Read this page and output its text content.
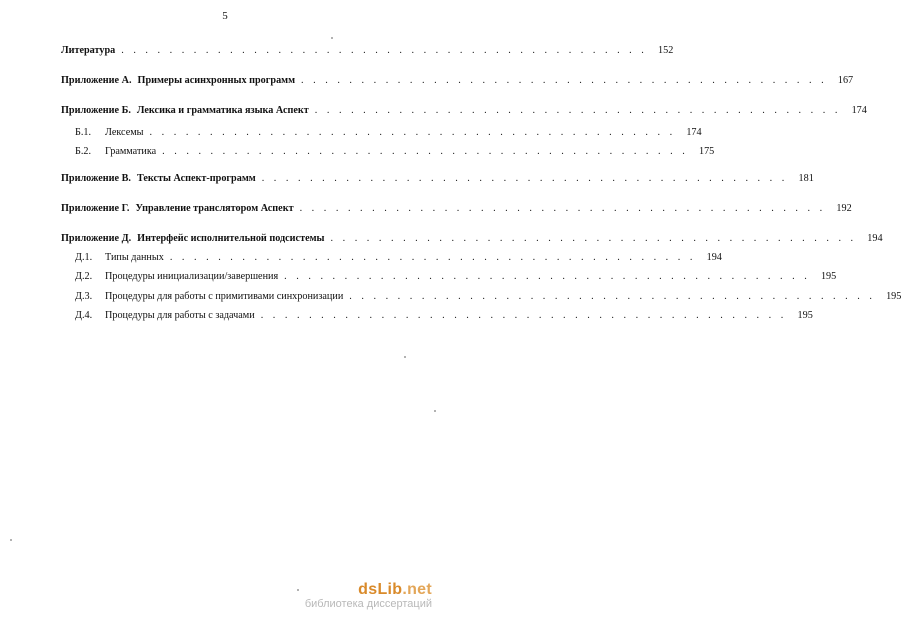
5
Литература . . . . . . . . . . . . . . . . . . . . . . . . . . . . . . . . . . . . . . . . . . . .	152
Приложение А. Примеры асинхронных программ . . . . . . . . . . . . . . . . . . . . . . . . . . . . . . . . . . . . . . . . . . . .	167
Приложение Б. Лексика и грамматика языка Аспект . . . . . . . . . . . . . . . . . . . . . . . . . . . . . . . . . . . . . . . . . . . .	174
Б.1. Лексемы . . . . . . . . . . . . . . . . . . . . . . . . . . . . . . . . . . . . . . . . . . . .	174
Б.2. Грамматика . . . . . . . . . . . . . . . . . . . . . . . . . . . . . . . . . . . . . . . . . . . .	175
Приложение В. Тексты Аспект-программ . . . . . . . . . . . . . . . . . . . . . . . . . . . . . . . . . . . . . . . . . . . .	181
Приложение Г. Управление транслятором Аспект . . . . . . . . . . . . . . . . . . . . . . . . . . . . . . . . . . . . . . . . . . . .	192
Приложение Д. Интерфейс исполнительной подсистемы . . . . . . . . . . . . . . . . . . . . . . . . . . . . . . . . . . . . . . . . . . . .	194
Д.1. Типы данных . . . . . . . . . . . . . . . . . . . . . . . . . . . . . . . . . . . . . . . . . . . .	194
Д.2. Процедуры инициализации/завершения . . . . . . . . . . . . . . . . . . . . . . . . . . . . . . . . . . . . . . . . . . . .	195
Д.3. Процедуры для работы с примитивами синхронизации . . . . . . . . . . . . . . . . . . . . . . . . . . . . . . . . . . . . . . . . . . . .	195
Д.4. Процедуры для работы с задачами . . . . . . . . . . . . . . . . . . . . . . . . . . . . . . . . . . . . . . . . . . . .	195
dsLib.net
библиотека диссертаций
